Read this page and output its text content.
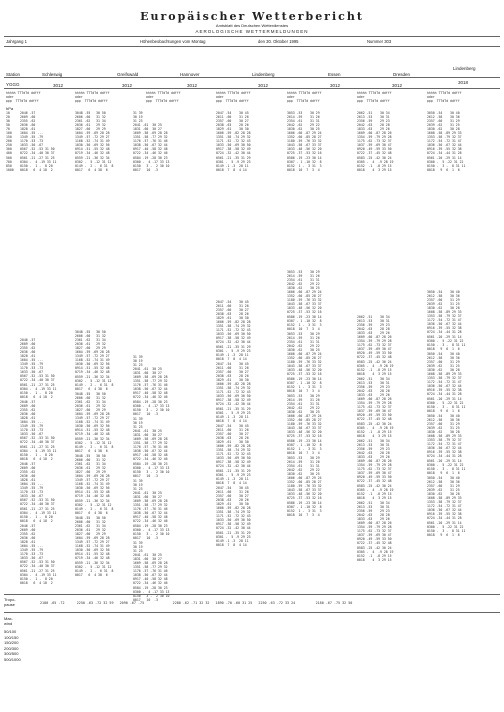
Europäischer Wetterbericht
Amtsblatt des Deutschen Wetterdienstes
AEROLOGISCHE WETTERMELDUNGEN
Jahrgang 1	Höhenbeobachtungen vom Montag	den 30. Oktober 1995	Nummer 303
Station
YGGG
Schleswig
3012
Greifswald
3012
Hannover
3012
Lindenberg
3012
Essen
3012
Dresden
3012
Lindenberg
3018
hhhhh TTTdTd ddfff
oder
ppp  TTTdTd ddfff
hhhhh TTTdTd ddfff
oder
ppp  TTTdTd ddfff
hhhhh TTTdTd ddfff
oder
ppp  TTTdTd ddfff
hhhhh TTTdTd ddfff
oder
ppp  TTTdTd ddfff
hhhhh TTTdTd ddfff
oder
ppp  TTTdTd ddfff
hhhhh TTTdTd ddfff
oder
ppp  TTTdTd ddfff
hhhhh TTTdTd ddfff
oder
ppp  TTTdTd ddfff
hPa
10
20
30
50
70
100
150
200
250
300
400
500
700
850
1000
2046 -57
2609 -60
2355 -62
2036 -60
1828 -61
1604 -55 ...
1349 -55 -79
1170 -53 -73
1033 -50 -67
0567 -52 -53 31 50
0722 -34 -40 30 37
0561 -21 -27 31 25
0304 -  4 -19 33 11
0150 -  1 -  8 20
0018   6  4 18  2
3048 -55   30 50
2606 -60   31 32
2361 -62   31 34
2036 -61   29 32
1827 -60   29 29
1604 -59 -69 28 28
1349 -57 -72 29 27
1168 -52 -74 31 49
1030 -50 -69 32 56
0914 -51 -55 32 48
0719 -34 -46 32 48
0559 -21 -36 32 34
0302 -  5 -12 31 12
0149 -  2 -  6 31  8
0017   6  4 38  6
31 39
30 19
31 23
2041 -61  30 25
1831 -60  30 27
1609 -58 -69 28 28
1351 -58 -77 29 32
1176 -57 -76 31 46
1038 -50 -67 32 44
0917 -40 -58 32 48
0722 -34 -46 32 46
0584 -19 -28 30 23
0300 -  4 -17 33 13
0150   3 -  2 30 10
0017   10  -3
2047 -54    30 45
2611 -60    31 26
2357 -60    30 27
2038 -63    28 26
1829 -61    30 30
1606 -59 -82 28 28
1351 -58 -74 29 32
1171 -52 -72 32 43
1033 -50 -69 30 50
0917 -38 -58 32 49
0724 -32 -42 30 44
0561 -21 -35 31 29
0301 -  5 -9 29 23
0149 -1 -3  28 11
0018  7  8  4 14
3053 -53    30 29
2614 -59    31 26
2354 -61    31 31
2042 -62    29 22
1830 -62    30 25
1606 -60 -87 29 24
1352 -60 -85 28 27
1180 -59 -76 33 32
1043 -58 -67 33 37
1033 -48 -56 32 20
0725 -37 -53 32 16
0586 -19 -23 30 14
0307 - 1 -10 32  8
0152  1 -  3 31  3
0018  10  7  3  4
2062 -51    30 34
2613 -53    30 31
2356 -59    29 23
2042 -63    28 28
1833 -63    29 26
1609 -60 -87 28 26
1354 -59 -79 29 28
1175 -62 -73 32 37
1037 -59 -69 30 47
0920 -49 -59 33 50
0722 -37 -45 32 48
0583 -25 -42 30 24
0305 -  4  -9 28 19
0152  -1  -8 29 15
0018    4  3 29 15
3050 -54    30 40
2612 -58    30 36
2357 -60    31 29
2039 -62    31 25
1830 -62    30 28
1608 -58 -89 29 33
1353 -58 -79 32 37
1172 -54 -72 31 47
1036 -50 -67 32 44
0916 -39 -55 32 38
0724 -34 -44 31 28
0561 -20 -29 31 14
0300 -  5 -22 31 22
0150 -  3 -  8 31 11
0018   9  6  1  6
2046 -57
2609 -60
2355 -62
2036 -60
1828 -61
1604 -55 ...
1349 -55 -79
1170 -53 -73
1033 -50 -67
0567 -52 -53 31 50
0722 -34 -40 30 37
0561 -21 -27 31 25
0304 -  4 -19 33 11
0150 -  1 -  8 20
0018   6  4 18  2
2046 -57
2609 -60
2355 -62
2036 -60
1828 -61
1604 -55 ...
1349 -55 -79
1170 -53 -73
1033 -50 -67
0567 -52 -53 31 50
0722 -34 -40 30 37
0561 -21 -27 31 25
0304 -  4 -19 33 11
0150 -  1 -  8 20
0018   6  4 18  2
2046 -57
2609 -60
2355 -62
2036 -60
1828 -61
1604 -55 ...
1349 -55 -79
1170 -53 -73
1033 -50 -67
0567 -52 -53 31 50
0722 -34 -40 30 37
0561 -21 -27 31 25
0304 -  4 -19 33 11
0150 -  1 -  8 20
0018   6  4 18  2
2046 -57
2609 -60
2355 -62
2036 -60
1828 -61
1604 -55 ...
1349 -55 -79
1170 -53 -73
1033 -50 -67
0567 -52 -53 31 50
0722 -34 -40 30 37
0561 -21 -27 31 25
0304 -  4 -19 33 11
0150 -  1 -  8 20
0018   6  4 18  2
3048 -55   30 50
2606 -60   31 32
2361 -62   31 34
2036 -61   29 32
1827 -60   29 29
1604 -59 -69 28 28
1349 -57 -72 29 27
1168 -52 -74 31 49
1030 -50 -69 32 56
0914 -51 -55 32 48
0719 -34 -46 32 48
0559 -21 -36 32 34
0302 -  5 -12 31 12
0149 -  2 -  6 31  8
0017   6  4 38  6
3048 -55   30 50
2606 -60   31 32
2361 -62   31 34
2036 -61   29 32
1827 -60   29 29
1604 -59 -69 28 28
1349 -57 -72 29 27
1168 -52 -74 31 49
1030 -50 -69 32 56
0914 -51 -55 32 48
0719 -34 -46 32 48
0559 -21 -36 32 34
0302 -  5 -12 31 12
0149 -  2 -  6 31  8
0017   6  4 38  6
3048 -55   30 50
2606 -60   31 32
2361 -62   31 34
2036 -61   29 32
1827 -60   29 29
1604 -59 -69 28 28
1349 -57 -72 29 27
1168 -52 -74 31 49
1030 -50 -69 32 56
0914 -51 -55 32 48
0719 -34 -46 32 48
0559 -21 -36 32 34
0302 -  5 -12 31 12
0149 -  2 -  6 31  8
0017   6  4 38  6
3048 -55   30 50
2606 -60   31 32
2361 -62   31 34
2036 -61   29 32
1827 -60   29 29
1604 -59 -69 28 28
1349 -57 -72 29 27
1168 -52 -74 31 49
1030 -50 -69 32 56
0914 -51 -55 32 48
0719 -34 -46 32 48
0559 -21 -36 32 34
0302 -  5 -12 31 12
0149 -  2 -  6 31  8
0017   6  4 38  6
31 39
30 19
31 23
2041 -61  30 25
1831 -60  30 27
1609 -58 -69 28 28
1351 -58 -77 29 32
1176 -57 -76 31 46
1038 -50 -67 32 44
0917 -40 -58 32 48
0722 -34 -46 32 46
0584 -19 -28 30 23
0300 -  4 -17 33 13
0150   3 -  2 30 10
0017   10  -3
31 39
30 19
31 23
2041 -61  30 25
1831 -60  30 27
1609 -58 -69 28 28
1351 -58 -77 29 32
1176 -57 -76 31 46
1038 -50 -67 32 44
0917 -40 -58 32 48
0722 -34 -46 32 46
0584 -19 -28 30 23
0300 -  4 -17 33 13
0150   3 -  2 30 10
0017   10  -3
31 39
30 19
31 23
2041 -61  30 25
1831 -60  30 27
1609 -58 -69 28 28
1351 -58 -77 29 32
1176 -57 -76 31 46
1038 -50 -67 32 44
0917 -40 -58 32 48
0722 -34 -46 32 46
0584 -19 -28 30 23
0300 -  4 -17 33 13
0150   3 -  2 30 10
0017   10  -3
31 39
30 19
31 23
2041 -61  30 25
1831 -60  30 27
1609 -58 -69 28 28
1351 -58 -77 29 32
1176 -57 -76 31 46
1038 -50 -67 32 44
0917 -40 -58 32 48
0722 -34 -46 32 46
0584 -19 -28 30 23
0300 -  4 -17 33 13
0150   3 -  2 30 10
0017   10  -3
2047 -54    30 45
2611 -60    31 26
2357 -60    30 27
2038 -63    28 26
1829 -61    30 30
1606 -59 -82 28 28
1351 -58 -74 29 32
1171 -52 -72 32 43
1033 -50 -69 30 50
0917 -38 -58 32 49
0724 -32 -42 30 44
0561 -21 -35 31 29
0301 -  5 -9 29 23
0149 -1 -3  28 11
0018  7  8  4 14
2047 -54    30 45
2611 -60    31 26
2357 -60    30 27
2038 -63    28 26
1829 -61    30 30
1606 -59 -82 28 28
1351 -58 -74 29 32
1171 -52 -72 32 43
1033 -50 -69 30 50
0917 -38 -58 32 49
0724 -32 -42 30 44
0561 -21 -35 31 29
0301 -  5 -9 29 23
0149 -1 -3  28 11
0018  7  8  4 14
2047 -54    30 45
2611 -60    31 26
2357 -60    30 27
2038 -63    28 26
1829 -61    30 30
1606 -59 -82 28 28
1351 -58 -74 29 32
1171 -52 -72 32 43
1033 -50 -69 30 50
0917 -38 -58 32 49
0724 -32 -42 30 44
0561 -21 -35 31 29
0301 -  5 -9 29 23
0149 -1 -3  28 11
0018  7  8  4 14
2047 -54    30 45
2611 -60    31 26
2357 -60    30 27
2038 -63    28 26
1829 -61    30 30
1606 -59 -82 28 28
1351 -58 -74 29 32
1171 -52 -72 32 43
1033 -50 -69 30 50
0917 -38 -58 32 49
0724 -32 -42 30 44
0561 -21 -35 31 29
0301 -  5 -9 29 23
0149 -1 -3  28 11
0018  7  8  4 14
3053 -53    30 29
2614 -59    31 26
2354 -61    31 31
2042 -62    29 22
1830 -62    30 25
1606 -60 -87 29 24
1352 -60 -85 28 27
1180 -59 -76 33 32
1043 -58 -67 33 37
1033 -48 -56 32 20
0725 -37 -53 32 16
0586 -19 -23 30 14
0307 - 1 -10 32  8
0152  1 -  3 31  3
0018  10  7  3  4
3053 -53    30 29
2614 -59    31 26
2354 -61    31 31
2042 -62    29 22
1830 -62    30 25
1606 -60 -87 29 24
1352 -60 -85 28 27
1180 -59 -76 33 32
1043 -58 -67 33 37
1033 -48 -56 32 20
0725 -37 -53 32 16
0586 -19 -23 30 14
0307 - 1 -10 32  8
0152  1 -  3 31  3
0018  10  7  3  4
3053 -53    30 29
2614 -59    31 26
2354 -61    31 31
2042 -62    29 22
1830 -62    30 25
1606 -60 -87 29 24
1352 -60 -85 28 27
1180 -59 -76 33 32
1043 -58 -67 33 37
1033 -48 -56 32 20
0725 -37 -53 32 16
0586 -19 -23 30 14
0307 - 1 -10 32  8
0152  1 -  3 31  3
0018  10  7  3  4
3053 -53    30 29
2614 -59    31 26
2354 -61    31 31
2042 -62    29 22
1830 -62    30 25
1606 -60 -87 29 24
1352 -60 -85 28 27
1180 -59 -76 33 32
1043 -58 -67 33 37
1033 -48 -56 32 20
0725 -37 -53 32 16
0586 -19 -23 30 14
0307 - 1 -10 32  8
0152  1 -  3 31  3
0018  10  7  3  4
2062 -51    30 34
2613 -53    30 31
2356 -59    29 23
2042 -63    28 28
1833 -63    29 26
1609 -60 -87 28 26
1354 -59 -79 29 28
1175 -62 -73 32 37
1037 -59 -69 30 47
0920 -49 -59 33 50
0722 -37 -45 32 48
0583 -25 -42 30 24
0305 -  4  -9 28 19
0152  -1  -8 29 15
0018    4  3 29 15
2062 -51    30 34
2613 -53    30 31
2356 -59    29 23
2042 -63    28 28
1833 -63    29 26
1609 -60 -87 28 26
1354 -59 -79 29 28
1175 -62 -73 32 37
1037 -59 -69 30 47
0920 -49 -59 33 50
0722 -37 -45 32 48
0583 -25 -42 30 24
0305 -  4  -9 28 19
0152  -1  -8 29 15
0018    4  3 29 15
2062 -51    30 34
2613 -53    30 31
2356 -59    29 23
2042 -63    28 28
1833 -63    29 26
1609 -60 -87 28 26
1354 -59 -79 29 28
1175 -62 -73 32 37
1037 -59 -69 30 47
0920 -49 -59 33 50
0722 -37 -45 32 48
0583 -25 -42 30 24
0305 -  4  -9 28 19
0152  -1  -8 29 15
0018    4  3 29 15
2062 -51    30 34
2613 -53    30 31
2356 -59    29 23
2042 -63    28 28
1833 -63    29 26
1609 -60 -87 28 26
1354 -59 -79 29 28
1175 -62 -73 32 37
1037 -59 -69 30 47
0920 -49 -59 33 50
0722 -37 -45 32 48
0583 -25 -42 30 24
0305 -  4  -9 28 19
0152  -1  -8 29 15
0018    4  3 29 15
3050 -54    30 40
2612 -58    30 36
2357 -60    31 29
2039 -62    31 25
1830 -62    30 28
1608 -58 -89 29 33
1353 -58 -79 32 37
1172 -54 -72 31 47
1036 -50 -67 32 44
0916 -39 -55 32 38
0724 -34 -44 31 28
0561 -20 -29 31 14
0300 -  5 -22 31 22
0150 -  3 -  8 31 11
0018   9  6  1  6
3050 -54    30 40
2612 -58    30 36
2357 -60    31 29
2039 -62    31 25
1830 -62    30 28
1608 -58 -89 29 33
1353 -58 -79 32 37
1172 -54 -72 31 47
1036 -50 -67 32 44
0916 -39 -55 32 38
0724 -34 -44 31 28
0561 -20 -29 31 14
0300 -  5 -22 31 22
0150 -  3 -  8 31 11
0018   9  6  1  6
3050 -54    30 40
2612 -58    30 36
2357 -60    31 29
2039 -62    31 25
1830 -62    30 28
1608 -58 -89 29 33
1353 -58 -79 32 37
1172 -54 -72 31 47
1036 -50 -67 32 44
0916 -39 -55 32 38
0724 -34 -44 31 28
0561 -20 -29 31 14
0300 -  5 -22 31 22
0150 -  3 -  8 31 11
0018   9  6  1  6
3050 -54    30 40
2612 -58    30 36
2357 -60    31 29
2039 -62    31 25
1830 -62    30 28
1608 -58 -89 29 33
1353 -58 -79 32 37
1172 -54 -72 31 47
1036 -50 -67 32 44
0916 -39 -55 32 38
0724 -34 -44 31 28
0561 -20 -29 31 14
0300 -  5 -22 31 22
0150 -  3 -  8 31 11
0018   9  6  1  6
Tropo-
pause	2180 -65 -72      2250 -63 -72 32 59   2090 -67 -75              2280 -62 -71 32 32   1890 -70 -60 31 25   2250 -63 -72 33 24          2180 -67 -75 32 50
Max-
wind
50/100
100/150
150/200
200/300
300/500
500/1000
